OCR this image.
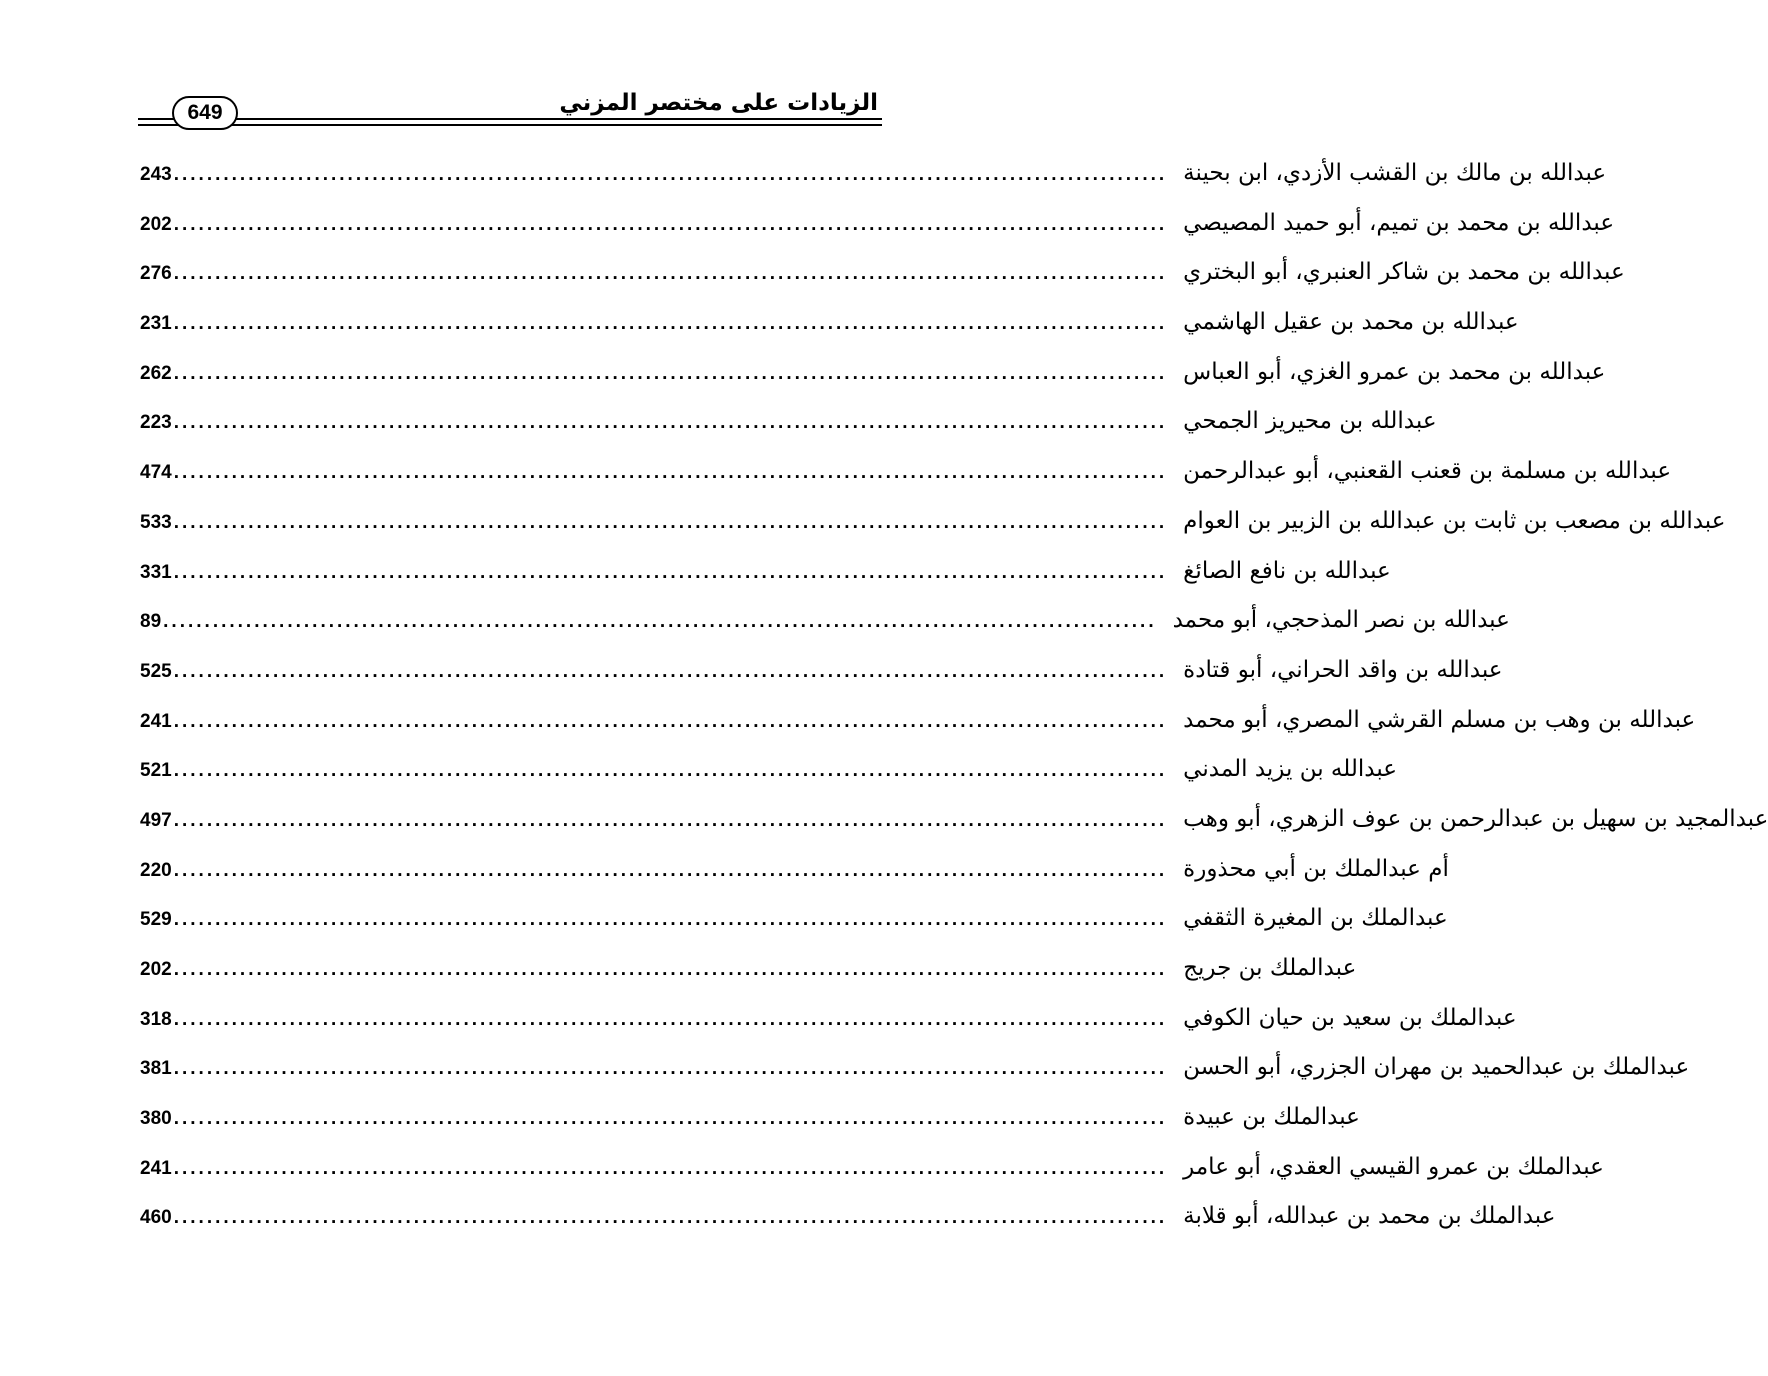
649	الزيادات على مختصر المزني
243 ........................................................................................................................ عبدالله بن مالك بن القشب الأزدي، ابن بحينة
202 ........................................................................................................................ عبدالله بن محمد بن تميم، أبو حميد المصيصي
276 ........................................................................................................................ عبدالله بن محمد بن شاكر العنبري، أبو البختري
231 ........................................................................................................................ عبدالله بن محمد بن عقيل الهاشمي
262 ........................................................................................................................ عبدالله بن محمد بن عمرو الغزي، أبو العباس
223 ........................................................................................................................ عبدالله بن محيريز الجمحي
474 ........................................................................................................................ عبدالله بن مسلمة بن قعنب القعنبي، أبو عبدالرحمن
533 ........................................................................................................................ عبدالله بن مصعب بن ثابت بن عبدالله بن الزبير بن العوام
331 ........................................................................................................................ عبدالله بن نافع الصائغ
89 ........................................................................................................................ عبدالله بن نصر المذحجي، أبو محمد
525 ........................................................................................................................ عبدالله بن واقد الحراني، أبو قتادة
241 ........................................................................................................................ عبدالله بن وهب بن مسلم القرشي المصري، أبو محمد
521 ........................................................................................................................ عبدالله بن يزيد المدني
497 ........................................................................................................................ عبدالمجيد بن سهيل بن عبدالرحمن بن عوف الزهري، أبو وهب
220 ........................................................................................................................ أم عبدالملك بن أبي محذورة
529 ........................................................................................................................ عبدالملك بن المغيرة الثقفي
202 ........................................................................................................................ عبدالملك بن جريج
318 ........................................................................................................................ عبدالملك بن سعيد بن حيان الكوفي
381 ........................................................................................................................ عبدالملك بن عبدالحميد بن مهران الجزري، أبو الحسن
380 ........................................................................................................................ عبدالملك بن عبيدة
241 ........................................................................................................................ عبدالملك بن عمرو القيسي العقدي، أبو عامر
460 ........................................................................................................................ عبدالملك بن محمد بن عبدالله، أبو قلابة
